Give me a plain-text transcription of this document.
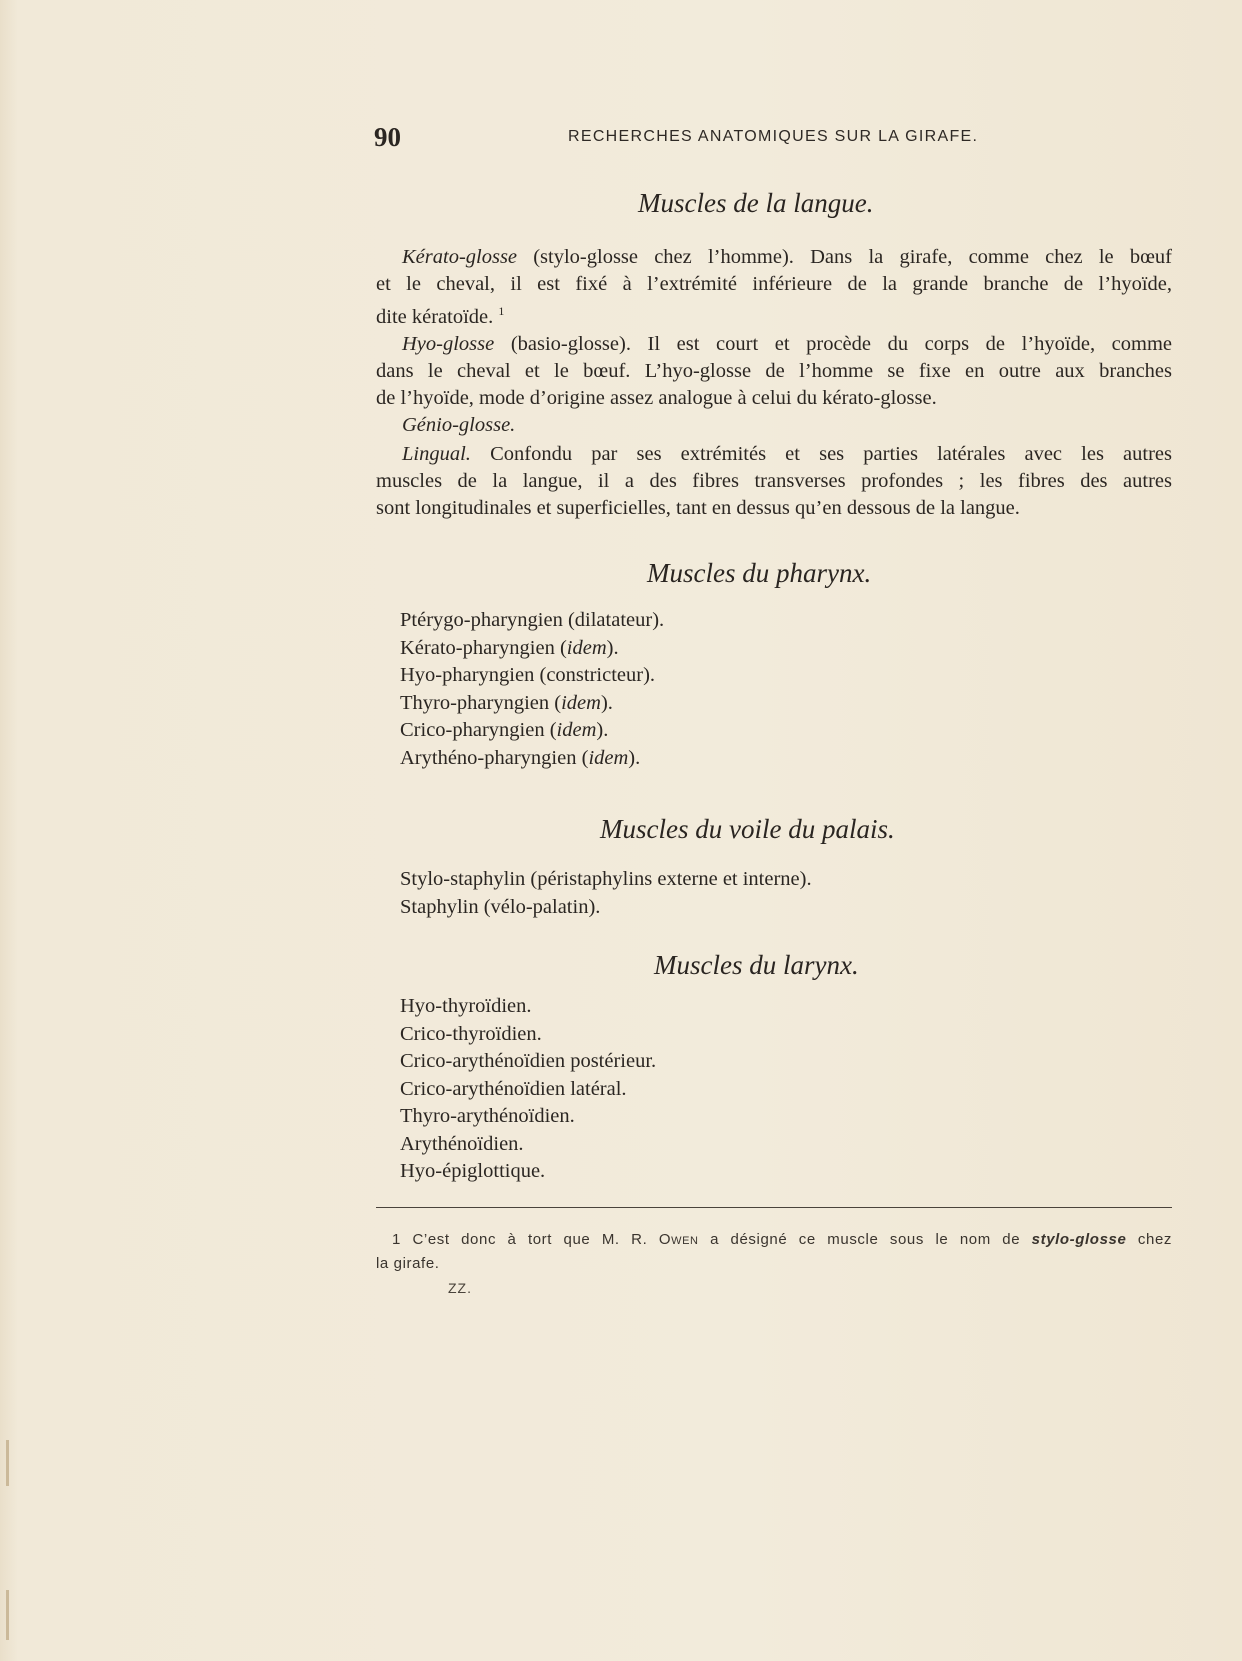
90	RECHERCHES ANATOMIQUES SUR LA GIRAFE.
Muscles de la langue.
Kérato-glosse (stylo-glosse chez l’homme). Dans la girafe, comme chez le bœuf
et le cheval, il est fixé à l’extrémité inférieure de la grande branche de l’hyoïde,
dite kératoïde. $^1$
Hyo-glosse (basio-glosse). Il est court et procède du corps de l’hyoïde, comme
dans le cheval et le bœuf. L’hyo-glosse de l’homme se fixe en outre aux branches
de l’hyoïde, mode d’origine assez analogue à celui du kérato-glosse.
Génio-glosse.
Lingual. Confondu par ses extrémités et ses parties latérales avec les autres
muscles de la langue, il a des fibres transverses profondes ; les fibres des autres
sont longitudinales et superficielles, tant en dessus qu’en dessous de la langue.
Muscles du pharynx.
Ptérygo-pharyngien (dilatateur).
Kérato-pharyngien (idem).
Hyo-pharyngien (constricteur).
Thyro-pharyngien (idem).
Crico-pharyngien (idem).
Arythéno-pharyngien (idem).
Muscles du voile du palais.
Stylo-staphylin (péristaphylins externe et interne).
Staphylin (vélo-palatin).
Muscles du larynx.
Hyo-thyroïdien.
Crico-thyroïdien.
Crico-arythénoïdien postérieur.
Crico-arythénoïdien latéral.
Thyro-arythénoïdien.
Arythénoïdien.
Hyo-épiglottique.
1 C’est donc à tort que M. R. Owen a désigné ce muscle sous le nom de stylo-glosse chez
la girafe.
ZZ.
